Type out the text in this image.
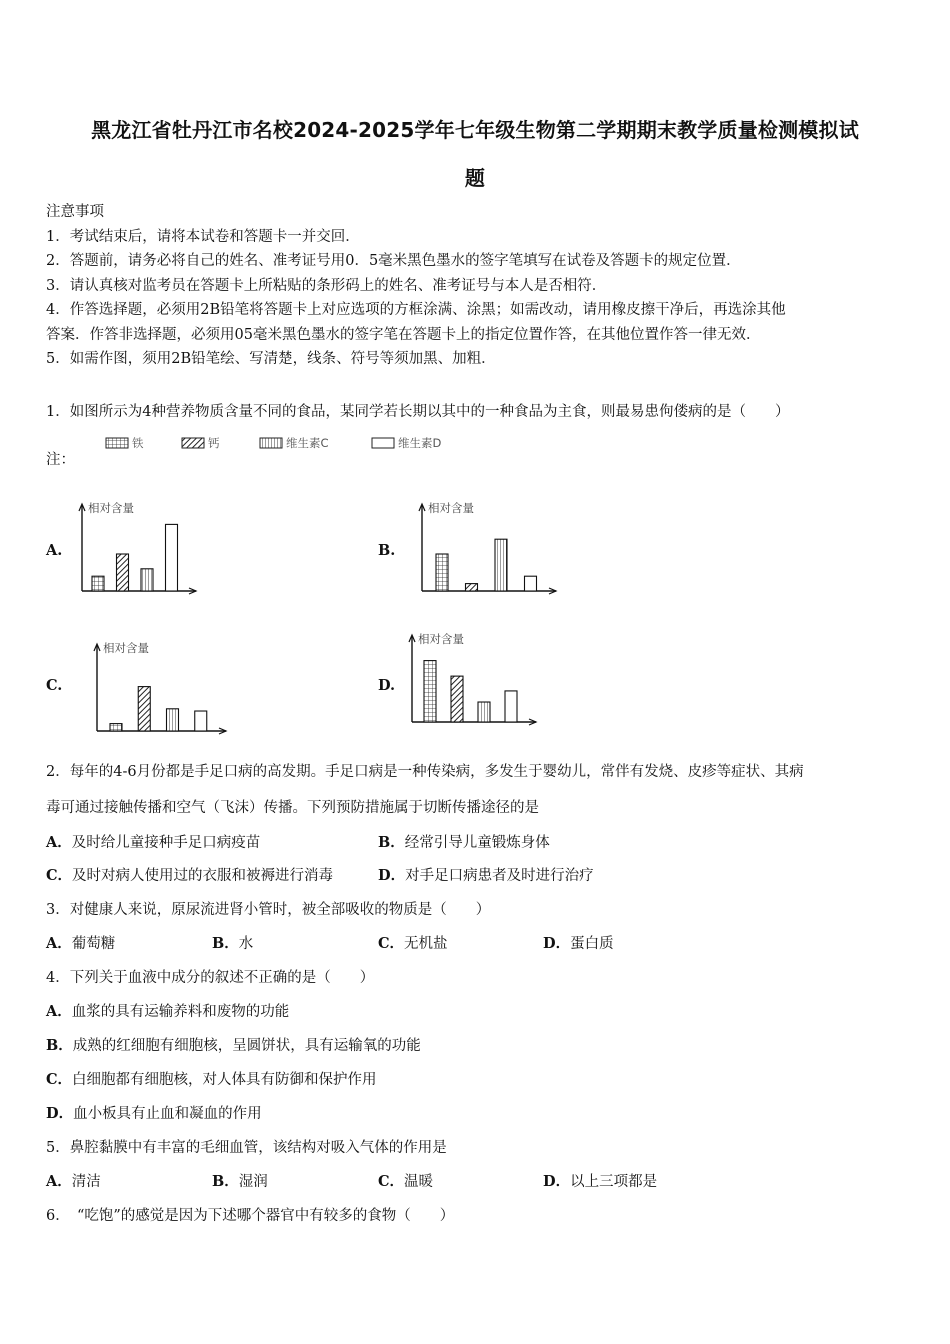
黑龙江省牡丹江市名校2024-2025学年七年级生物第二学期期末教学质量检测模拟试
题
注意事项
1．考试结束后，请将本试卷和答题卡一并交回．
2．答题前，请务必将自己的姓名、准考证号用0．5毫米黑色墨水的签字笔填写在试卷及答题卡的规定位置．
3．请认真核对监考员在答题卡上所粘贴的条形码上的姓名、准考证号与本人是否相符．
4．作答选择题，必须用2B铅笔将答题卡上对应选项的方框涂满、涂黑；如需改动，请用橡皮擦干净后，再选涂其他
答案．作答非选择题，必须用05毫米黑色墨水的签字笔在答题卡上的指定位置作答，在其他位置作答一律无效．
5．如需作图，须用2B铅笔绘、写清楚，线条、符号等须加黑、加粗．
1．如图所示为4种营养物质含量不同的食品，某同学若长期以其中的一种食品为主食，则最易患佝偻病的是（　　）
注：
铁	钙	维生素C	维生素D
A.	B.
C.	D.
相对含量	相对含量
相对含量
相对含量
2．每年的4-6月份都是手足口病的高发期。手足口病是一种传染病，多发生于婴幼儿，常伴有发烧、皮疹等症状、其病
毒可通过接触传播和空气（飞沫）传播。下列预防措施属于切断传播途径的是
A．及时给儿童接种手足口病疫苗	B．经常引导儿童锻炼身体
C．及时对病人使用过的衣服和被褥进行消毒	D．对手足口病患者及时进行治疗
3．对健康人来说，原尿流进肾小管时，被全部吸收的物质是（　　）
A．葡萄糖	B．水	C．无机盐	D．蛋白质
4．下列关于血液中成分的叙述不正确的是（　　）
A．血浆的具有运输养料和废物的功能
B．成熟的红细胞有细胞核，呈圆饼状，具有运输氧的功能
C．白细胞都有细胞核，对人体具有防御和保护作用
D．血小板具有止血和凝血的作用
5．鼻腔黏膜中有丰富的毛细血管，该结构对吸入气体的作用是
A．清洁	B．湿润	C．温暖	D．以上三项都是
6．　“吃饱”的感觉是因为下述哪个器官中有较多的食物（　　）
